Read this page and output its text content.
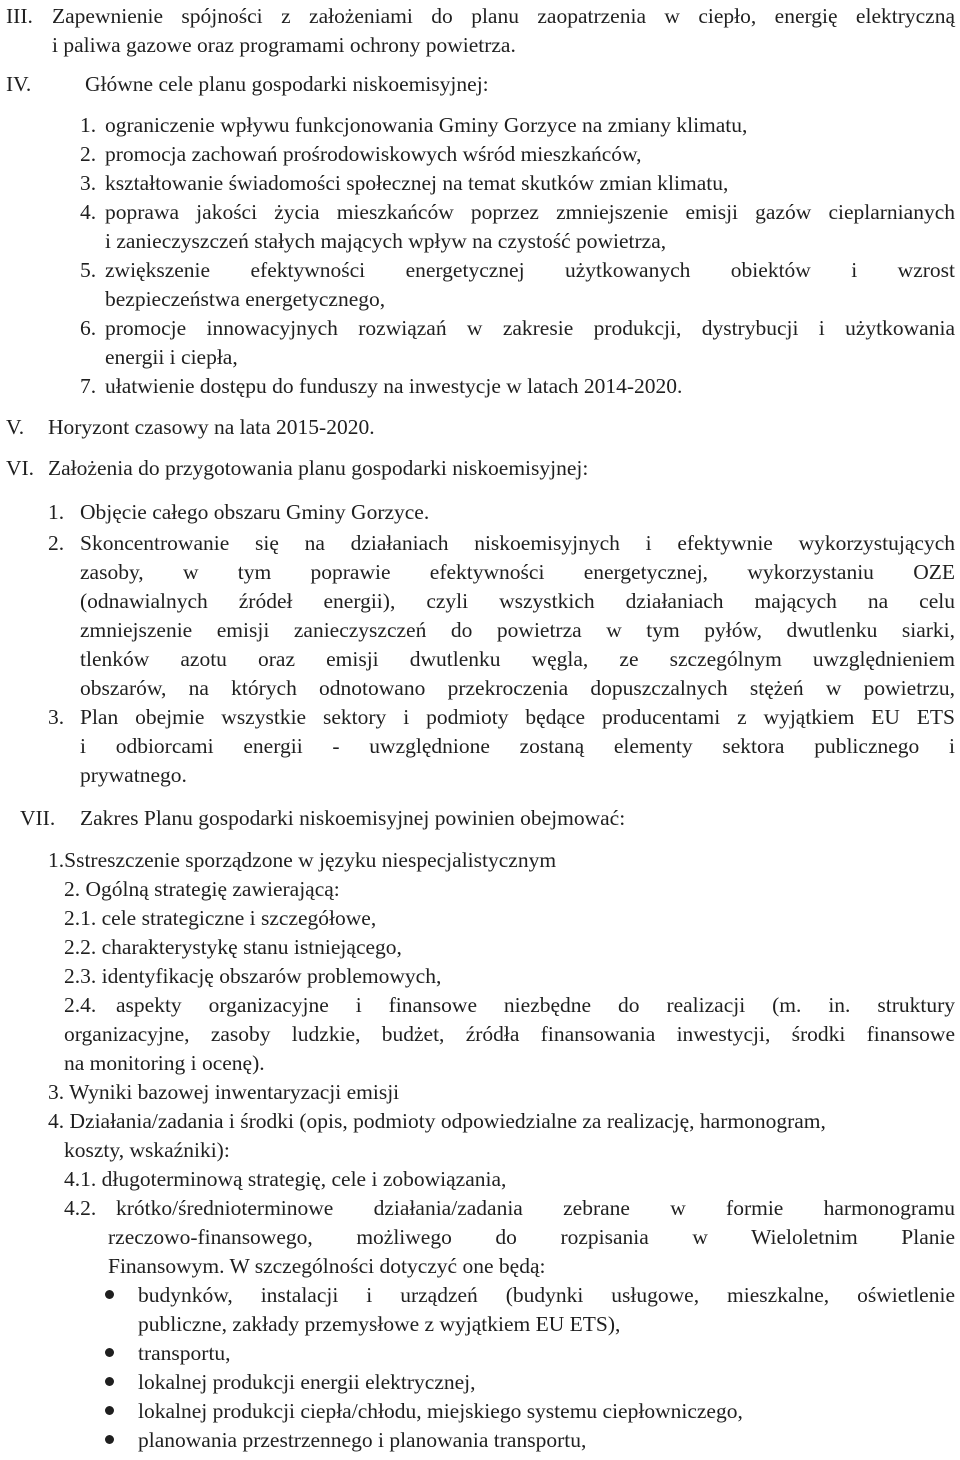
III. Zapewnienie spójności z założeniami do planu zaopatrzenia w ciepło, energię elektryczną
i paliwa gazowe oraz programami ochrony powietrza.
IV. Główne cele planu gospodarki niskoemisyjnej:
1. ograniczenie wpływu funkcjonowania Gminy Gorzyce na zmiany klimatu,
2. promocja zachowań prośrodowiskowych wśród mieszkańców,
3. kształtowanie świadomości społecznej na temat skutków zmian klimatu,
4. poprawa jakości życia mieszkańców poprzez zmniejszenie emisji gazów cieplarnianych
i zanieczyszczeń stałych mających wpływ na czystość powietrza,
5. zwiększenie efektywności energetycznej użytkowanych obiektów i wzrost
bezpieczeństwa energetycznego,
6. promocje innowacyjnych rozwiązań w zakresie produkcji, dystrybucji i użytkowania
energii i ciepła,
7. ułatwienie dostępu do funduszy na inwestycje w latach 2014-2020.
V. Horyzont czasowy na lata 2015-2020.
VI. Założenia do przygotowania planu gospodarki niskoemisyjnej:
1. Objęcie całego obszaru Gminy Gorzyce.
2. Skoncentrowanie się na działaniach niskoemisyjnych i efektywnie wykorzystujących
zasoby, w tym poprawie efektywności energetycznej, wykorzystaniu OZE
(odnawialnych źródeł energii), czyli wszystkich działaniach mających na celu
zmniejszenie emisji zanieczyszczeń do powietrza w tym pyłów, dwutlenku siarki,
tlenków azotu oraz emisji dwutlenku węgla, ze szczególnym uwzględnieniem
obszarów, na których odnotowano przekroczenia dopuszczalnych stężeń w powietrzu,
3. Plan obejmie wszystkie sektory i podmioty będące producentami z wyjątkiem EU ETS
i odbiorcami energii - uwzględnione zostaną elementy sektora publicznego i
prywatnego.
VII. Zakres Planu gospodarki niskoemisyjnej powinien obejmować:
1.Sstreszczenie sporządzone w języku niespecjalistycznym
2. Ogólną strategię zawierającą:
2.1. cele strategiczne i szczegółowe,
2.2. charakterystykę stanu istniejącego,
2.3. identyfikację obszarów problemowych,
2.4. aspekty organizacyjne i finansowe niezbędne do realizacji (m. in. struktury
organizacyjne, zasoby ludzkie, budżet, źródła finansowania inwestycji, środki finansowe
na monitoring i ocenę).
3. Wyniki bazowej inwentaryzacji emisji
4. Działania/zadania i środki (opis, podmioty odpowiedzialne za realizację, harmonogram,
koszty, wskaźniki):
4.1. długoterminową strategię, cele i zobowiązania,
4.2. krótko/średnioterminowe działania/zadania zebrane w formie harmonogramu
rzeczowo-finansowego, możliwego do rozpisania w Wieloletnim Planie
Finansowym. W szczególności dotyczyć one będą:
budynków, instalacji i urządzeń (budynki usługowe, mieszkalne, oświetlenie
publiczne, zakłady przemysłowe z wyjątkiem EU ETS),
transportu,
lokalnej produkcji energii elektrycznej,
lokalnej produkcji ciepła/chłodu, miejskiego systemu ciepłowniczego,
planowania przestrzennego i planowania transportu,
